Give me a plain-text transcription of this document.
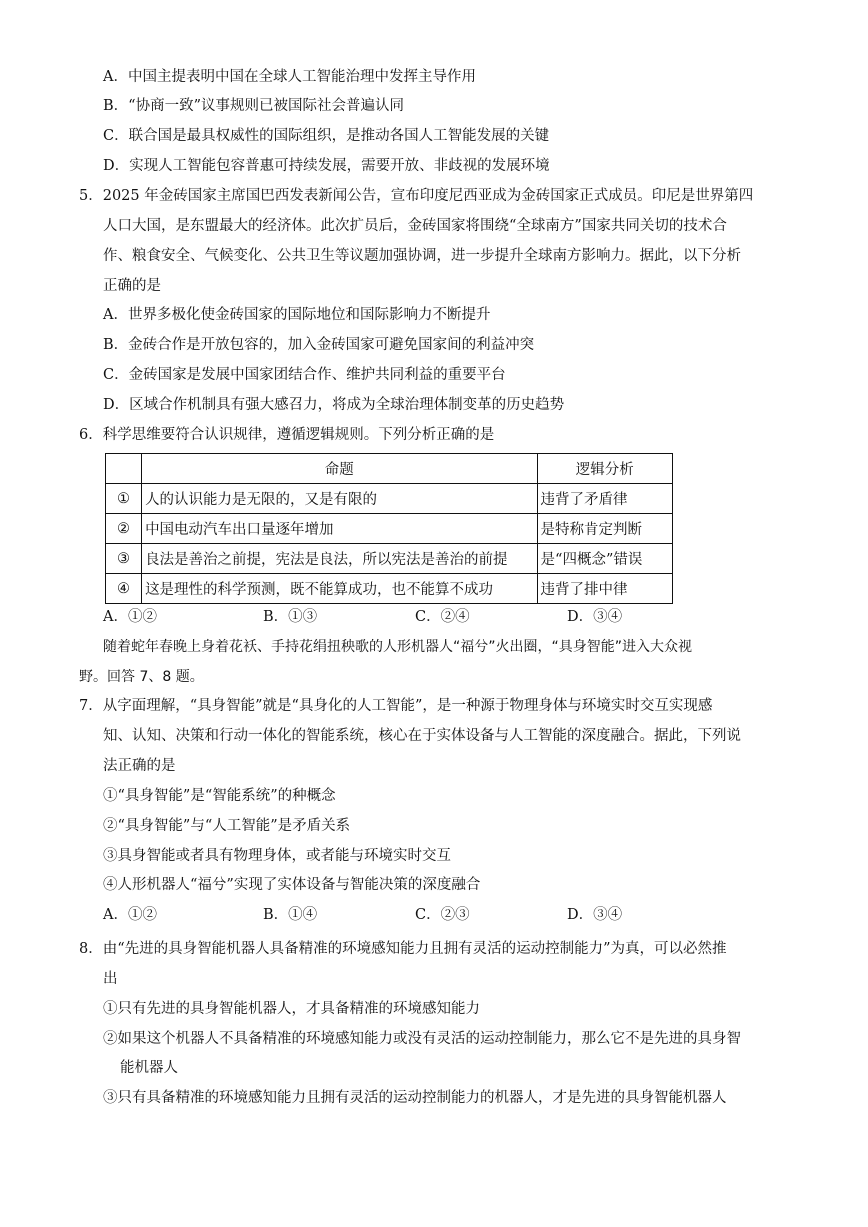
A．中国主提表明中国在全球人工智能治理中发挥主导作用
B．“协商一致”议事规则已被国际社会普遍认同
C．联合国是最具权威性的国际组织，是推动各国人工智能发展的关键
D．实现人工智能包容普惠可持续发展，需要开放、非歧视的发展环境
5．2025 年金砖国家主席国巴西发表新闻公告，宣布印度尼西亚成为金砖国家正式成员。印尼是世界第四
人口大国，是东盟最大的经济体。此次扩员后，金砖国家将围绕“全球南方”国家共同关切的技术合
作、粮食安全、气候变化、公共卫生等议题加强协调，进一步提升全球南方影响力。据此，以下分析
正确的是
A．世界多极化使金砖国家的国际地位和国际影响力不断提升
B．金砖合作是开放包容的，加入金砖国家可避免国家间的利益冲突
C．金砖国家是发展中国家团结合作、维护共同利益的重要平台
D．区域合作机制具有强大感召力，将成为全球治理体制变革的历史趋势
6．科学思维要符合认识规律，遵循逻辑规则。下列分析正确的是
	命题	逻辑分析
①	人的认识能力是无限的，又是有限的	违背了矛盾律
②	中国电动汽车出口量逐年增加	是特称肯定判断
③	良法是善治之前提，宪法是良法，所以宪法是善治的前提	是“四概念”错误
④	这是理性的科学预测，既不能算成功，也不能算不成功	违背了排中律
A．①②	B．①③	C．②④	D．③④
随着蛇年春晚上身着花袄、手持花绢扭秧歌的人形机器人“福兮”火出圈，“具身智能”进入大众视
野。回答 7、8 题。
7．从字面理解，“具身智能”就是“具身化的人工智能”，是一种源于物理身体与环境实时交互实现感
知、认知、决策和行动一体化的智能系统，核心在于实体设备与人工智能的深度融合。据此，下列说
法正确的是
①“具身智能”是“智能系统”的种概念
②“具身智能”与“人工智能”是矛盾关系
③具身智能或者具有物理身体，或者能与环境实时交互
④人形机器人“福兮”实现了实体设备与智能决策的深度融合
A．①②	B．①④	C．②③	D．③④
8．由“先进的具身智能机器人具备精准的环境感知能力且拥有灵活的运动控制能力”为真，可以必然推
出
①只有先进的具身智能机器人，才具备精准的环境感知能力
②如果这个机器人不具备精准的环境感知能力或没有灵活的运动控制能力，那么它不是先进的具身智
能机器人
③只有具备精准的环境感知能力且拥有灵活的运动控制能力的机器人，才是先进的具身智能机器人
